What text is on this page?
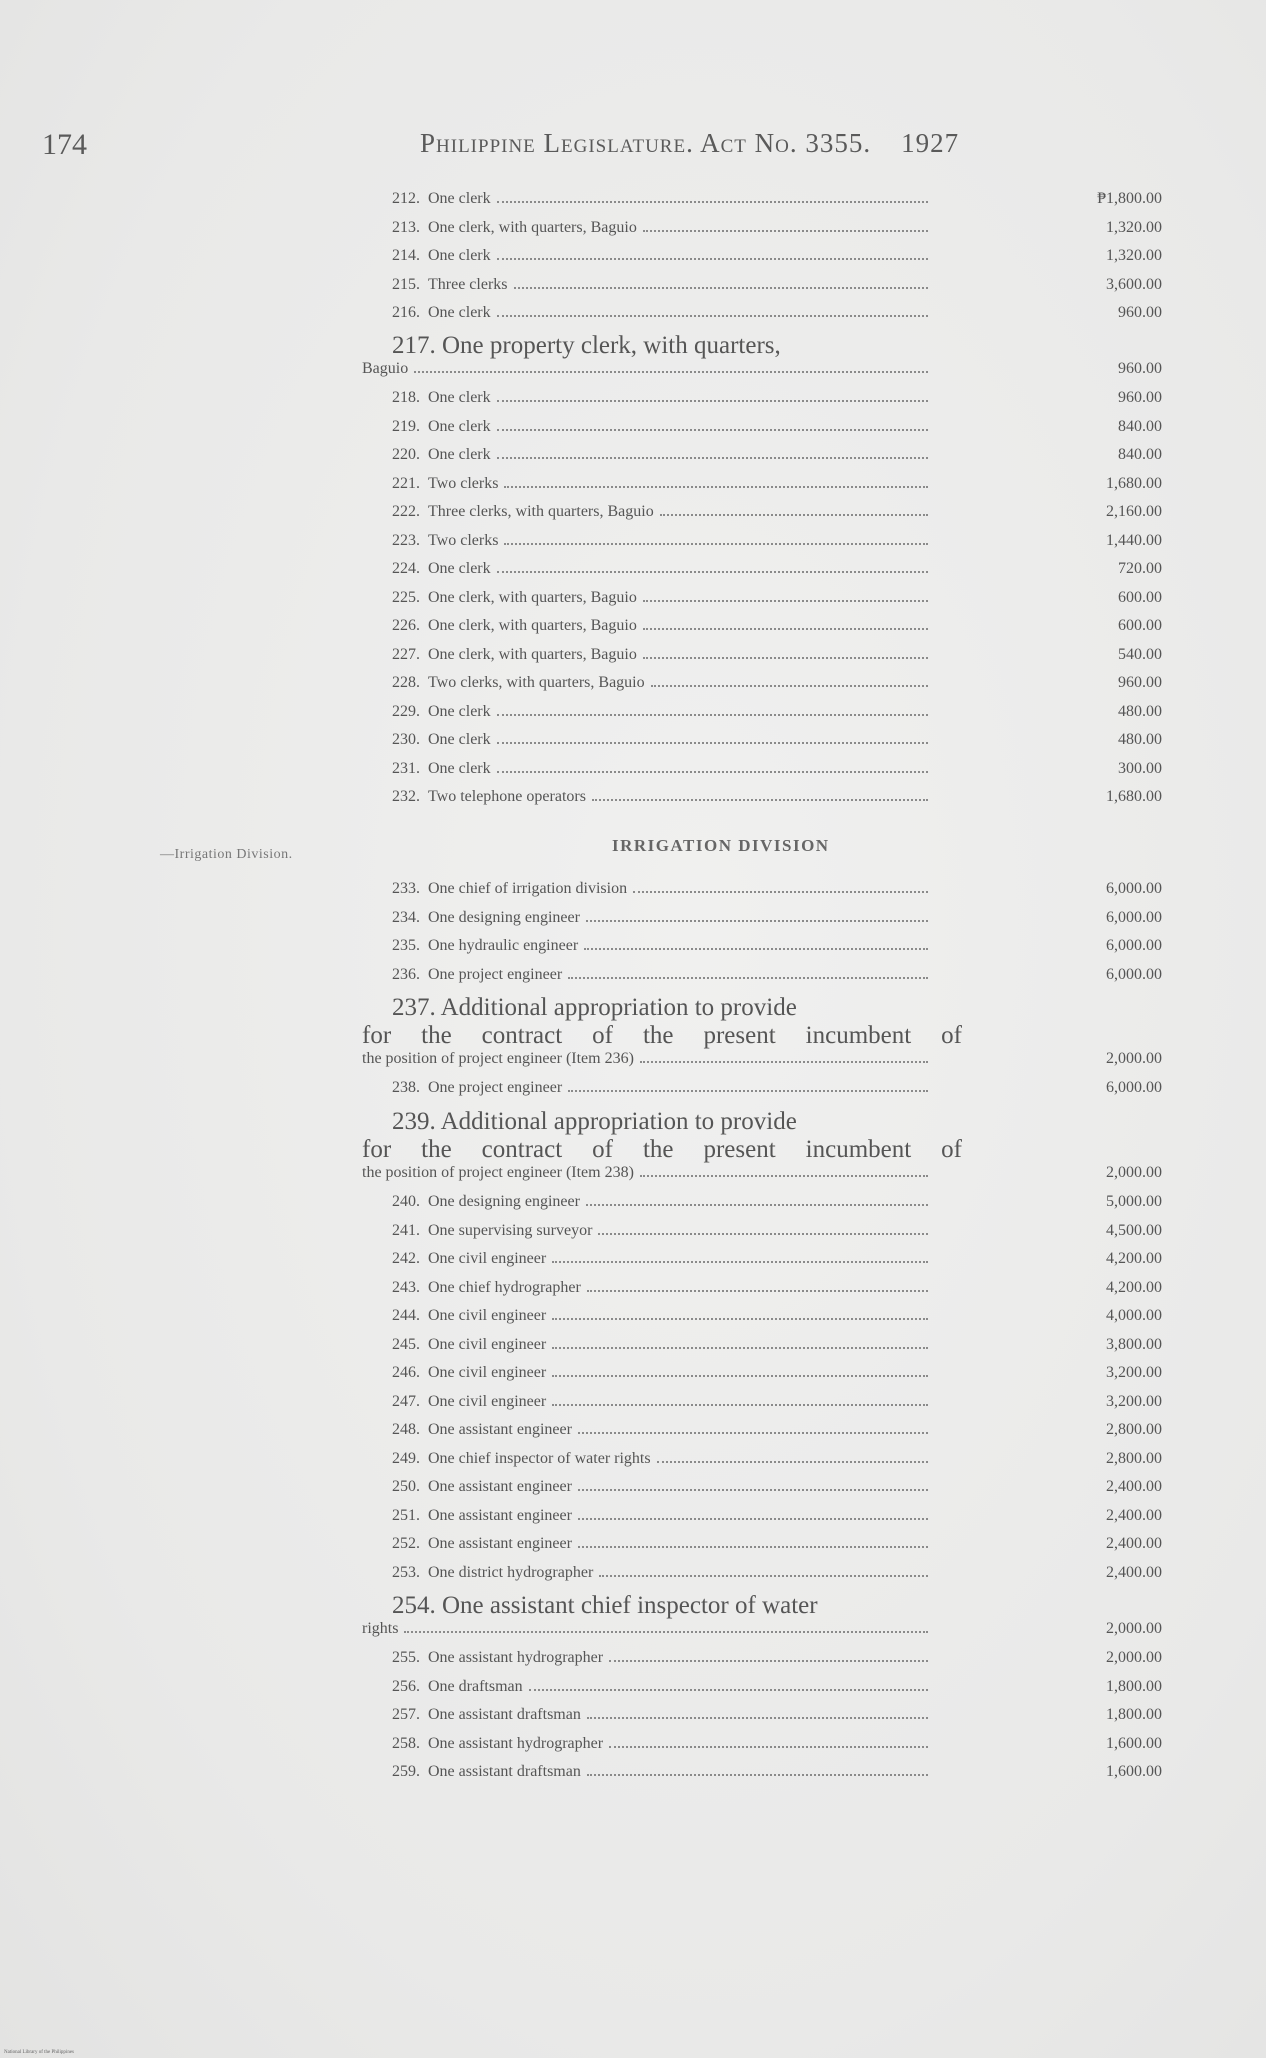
174	Philippine Legislature. Act No. 3355. 1927
212. One clerk	₱1,800.00
213. One clerk, with quarters, Baguio	1,320.00
214. One clerk	1,320.00
215. Three clerks	3,600.00
216. One clerk	960.00
217. One property clerk, with quarters,
Baguio	960.00
218. One clerk	960.00
219. One clerk	840.00
220. One clerk	840.00
221. Two clerks	1,680.00
222. Three clerks, with quarters, Baguio	2,160.00
223. Two clerks	1,440.00
224. One clerk	720.00
225. One clerk, with quarters, Baguio	600.00
226. One clerk, with quarters, Baguio	600.00
227. One clerk, with quarters, Baguio	540.00
228. Two clerks, with quarters, Baguio	960.00
229. One clerk	480.00
230. One clerk	480.00
231. One clerk	300.00
232. Two telephone operators	1,680.00
—Irrigation Division.	IRRIGATION DIVISION
233. One chief of irrigation division	6,000.00
234. One designing engineer	6,000.00
235. One hydraulic engineer	6,000.00
236. One project engineer	6,000.00
237. Additional appropriation to provide
for the contract of the present incumbent of
the position of project engineer (Item 236)	2,000.00
238. One project engineer	6,000.00
239. Additional appropriation to provide
for the contract of the present incumbent of
the position of project engineer (Item 238)	2,000.00
240. One designing engineer	5,000.00
241. One supervising surveyor	4,500.00
242. One civil engineer	4,200.00
243. One chief hydrographer	4,200.00
244. One civil engineer	4,000.00
245. One civil engineer	3,800.00
246. One civil engineer	3,200.00
247. One civil engineer	3,200.00
248. One assistant engineer	2,800.00
249. One chief inspector of water rights	2,800.00
250. One assistant engineer	2,400.00
251. One assistant engineer	2,400.00
252. One assistant engineer	2,400.00
253. One district hydrographer	2,400.00
254. One assistant chief inspector of water
rights	2,000.00
255. One assistant hydrographer	2,000.00
256. One draftsman	1,800.00
257. One assistant draftsman	1,800.00
258. One assistant hydrographer	1,600.00
259. One assistant draftsman	1,600.00
National Library of the Philippines
